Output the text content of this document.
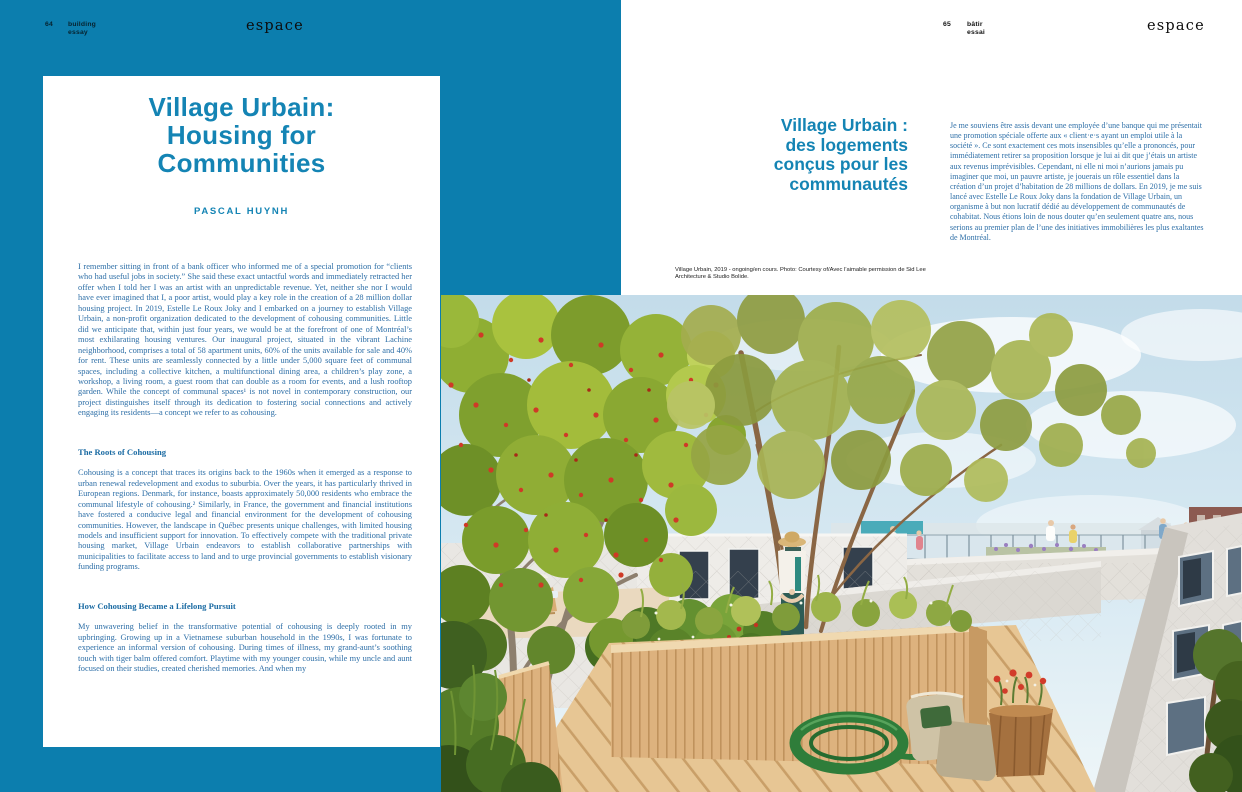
64 building
essay	espace
Village Urbain:
Housing for
Communities
PASCAL HUYNH

I remember sitting in front of a bank officer who informed me of a special promotion for “clients who had useful jobs in society.” She said these exact untactful words and immediately retracted her offer when I told her I was an artist with an unpredictable revenue. Yet, neither she nor I would have ever imagined that I, a poor artist, would play a key role in the creation of a 28 million dollar housing project. In 2019, Estelle Le Roux Joky and I embarked on a journey to establish Village Urbain, a non-profit organization dedicated to the development of cohousing communities. Little did we anticipate that, within just four years, we would be at the forefront of one of Montréal’s most exhilarating housing ventures. Our inaugural project, situated in the vibrant Lachine neighborhood, comprises a total of 58 apartment units, 60% of the units available for sale and 40% for rent. These units are seamlessly connected by a little under 5,000 square feet of communal spaces, including a collective kitchen, a multifunctional dining area, a children’s play zone, a workshop, a living room, a guest room that can double as a room for events, and a lush rooftop garden. While the concept of communal spaces¹ is not novel in contemporary construction, our project distinguishes itself through its dedication to fostering social connections and actively engaging its residents—a concept we refer to as cohousing.

The Roots of Cohousing

Cohousing is a concept that traces its origins back to the 1960s when it emerged as a response to urban renewal redevelopment and exodus to suburbia. Over the years, it has particularly thrived in European regions. Denmark, for instance, boasts approximately 50,000 residents who embrace the communal lifestyle of cohousing.² Similarly, in France, the government and financial institutions have fostered a conducive legal and financial environment for the development of cohousing communities. However, the landscape in Québec presents unique challenges, with limited housing models and insufficient support for innovation. To effectively compete with the traditional private housing market, Village Urbain endeavors to establish collaborative partnerships with municipalities to facilitate access to land and to urge provincial governments to establish visionary funding programs.

How Cohousing Became a Lifelong Pursuit

My unwavering belief in the transformative potential of cohousing is deeply rooted in my upbringing. Growing up in a Vietnamese suburban household in the 1990s, I was fortunate to experience an informal version of cohousing. During times of illness, my grand-aunt’s soothing touch with tiger balm offered comfort. Playtime with my younger cousin, while my uncle and aunt focused on their studies, created cherished memories. And when my

65 bâtir
essai	espace
Village Urbain :
des logements
conçus pour les
communautés
Je me souviens être assis devant une employée d’une banque qui me présentait une promotion spéciale offerte aux « client·e·s ayant un emploi utile à la société ». Ce sont exactement ces mots insensibles qu’elle a prononcés, pour immédiatement retirer sa proposition lorsque je lui ai dit que j’étais un artiste aux revenus imprévisibles. Cependant, ni elle ni moi n’aurions jamais pu imaginer que moi, un pauvre artiste, je jouerais un rôle essentiel dans la création d’un projet d’habitation de 28 millions de dollars. En 2019, je me suis lancé avec Estelle Le Roux Joky dans la fondation de Village Urbain, un organisme à but non lucratif dédié au développement de communautés de cohabitat. Nous étions loin de nous douter qu’en seulement quatre ans, nous serions au premier plan de l’une des initiatives immobilières les plus exaltantes de Montréal.
Village Urbain, 2019 - ongoing/en cours. Photo: Courtesy of/Avec l’aimable permission de Sid Lee Architecture & Studio Bolide.
